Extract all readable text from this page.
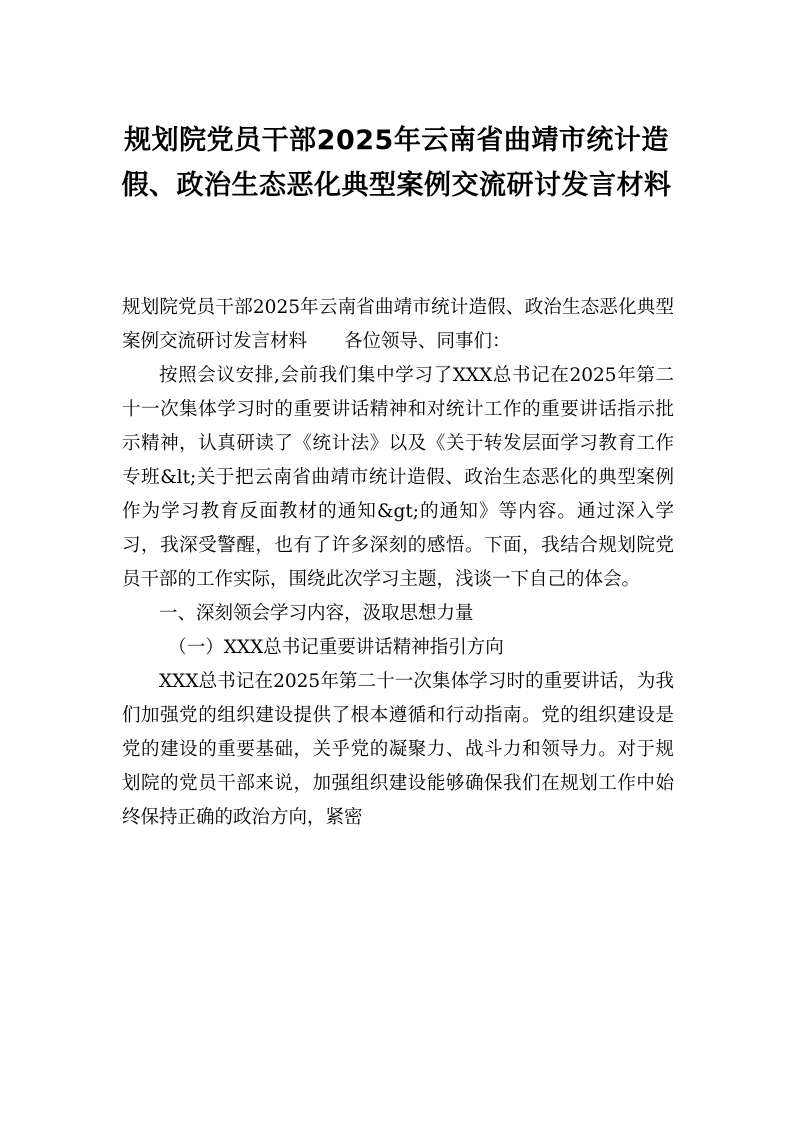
规划院党员干部2025年云南省曲靖市统计造假、政治生态恶化典型案例交流研讨发言材料

规划院党员干部2025年云南省曲靖市统计造假、政治生态恶化典型案例交流研讨发言材料　　各位领导、同事们：

按照会议安排,会前我们集中学习了XXX总书记在2025年第二十一次集体学习时的重要讲话精神和对统计工作的重要讲话指示批示精神，认真研读了《统计法》以及《关于转发层面学习教育工作专班&lt;关于把云南省曲靖市统计造假、政治生态恶化的典型案例作为学习教育反面教材的通知&gt;的通知》等内容。通过深入学习，我深受警醒，也有了许多深刻的感悟。下面，我结合规划院党员干部的工作实际，围绕此次学习主题，浅谈一下自己的体会。

一、深刻领会学习内容，汲取思想力量

（一）XXX总书记重要讲话精神指引方向

XXX总书记在2025年第二十一次集体学习时的重要讲话，为我们加强党的组织建设提供了根本遵循和行动指南。党的组织建设是党的建设的重要基础，关乎党的凝聚力、战斗力和领导力。对于规划院的党员干部来说，加强组织建设能够确保我们在规划工作中始终保持正确的政治方向，紧密
